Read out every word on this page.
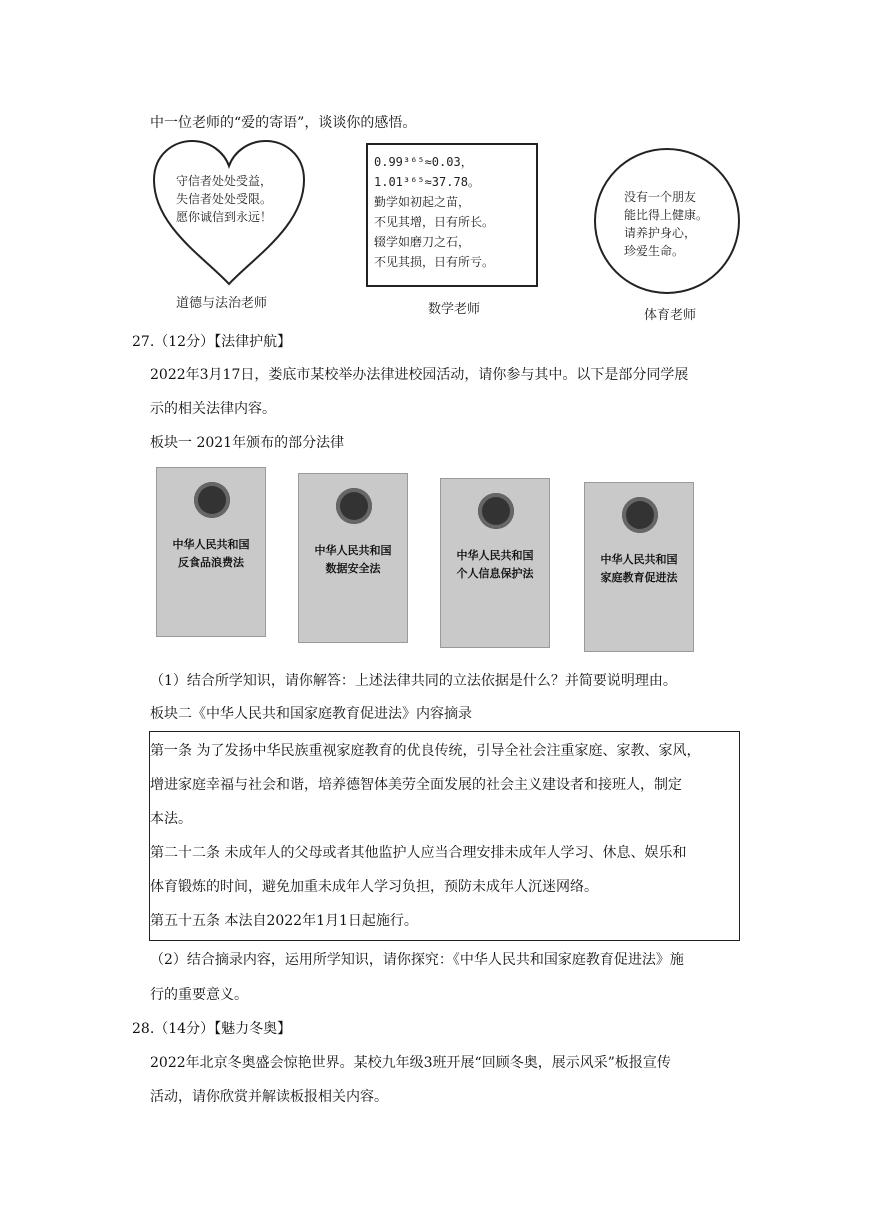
中一位老师的“爱的寄语”，谈谈你的感悟。
守信者处处受益，
失信者处处受限。
愿你诚信到永远！
道德与法治老师
0.99³⁶⁵≈0.03，
1.01³⁶⁵≈37.78。
勤学如初起之苗，
不见其增，日有所长。
辍学如磨刀之石，
不见其损，日有所亏。
数学老师
没有一个朋友
能比得上健康。
请养护身心，
珍爱生命。
体育老师
27.（12分）【法律护航】
2022年3月17日，娄底市某校举办法律进校园活动，请你参与其中。以下是部分同学展
示的相关法律内容。
板块一 2021年颁布的部分法律
中华人民共和国
反食品浪费法
中华人民共和国
数据安全法
中华人民共和国
个人信息保护法
中华人民共和国
家庭教育促进法
（1）结合所学知识，请你解答：上述法律共同的立法依据是什么？并简要说明理由。
板块二《中华人民共和国家庭教育促进法》内容摘录
第一条 为了发扬中华民族重视家庭教育的优良传统，引导全社会注重家庭、家教、家风，
增进家庭幸福与社会和谐，培养德智体美劳全面发展的社会主义建设者和接班人，制定
本法。
第二十二条 未成年人的父母或者其他监护人应当合理安排未成年人学习、休息、娱乐和
体育锻炼的时间，避免加重未成年人学习负担，预防未成年人沉迷网络。
第五十五条 本法自2022年1月1日起施行。
（2）结合摘录内容，运用所学知识，请你探究：《中华人民共和国家庭教育促进法》施
行的重要意义。
28.（14分）【魅力冬奥】
2022年北京冬奥盛会惊艳世界。某校九年级3班开展“回顾冬奥，展示风采”板报宣传
活动，请你欣赏并解读板报相关内容。
